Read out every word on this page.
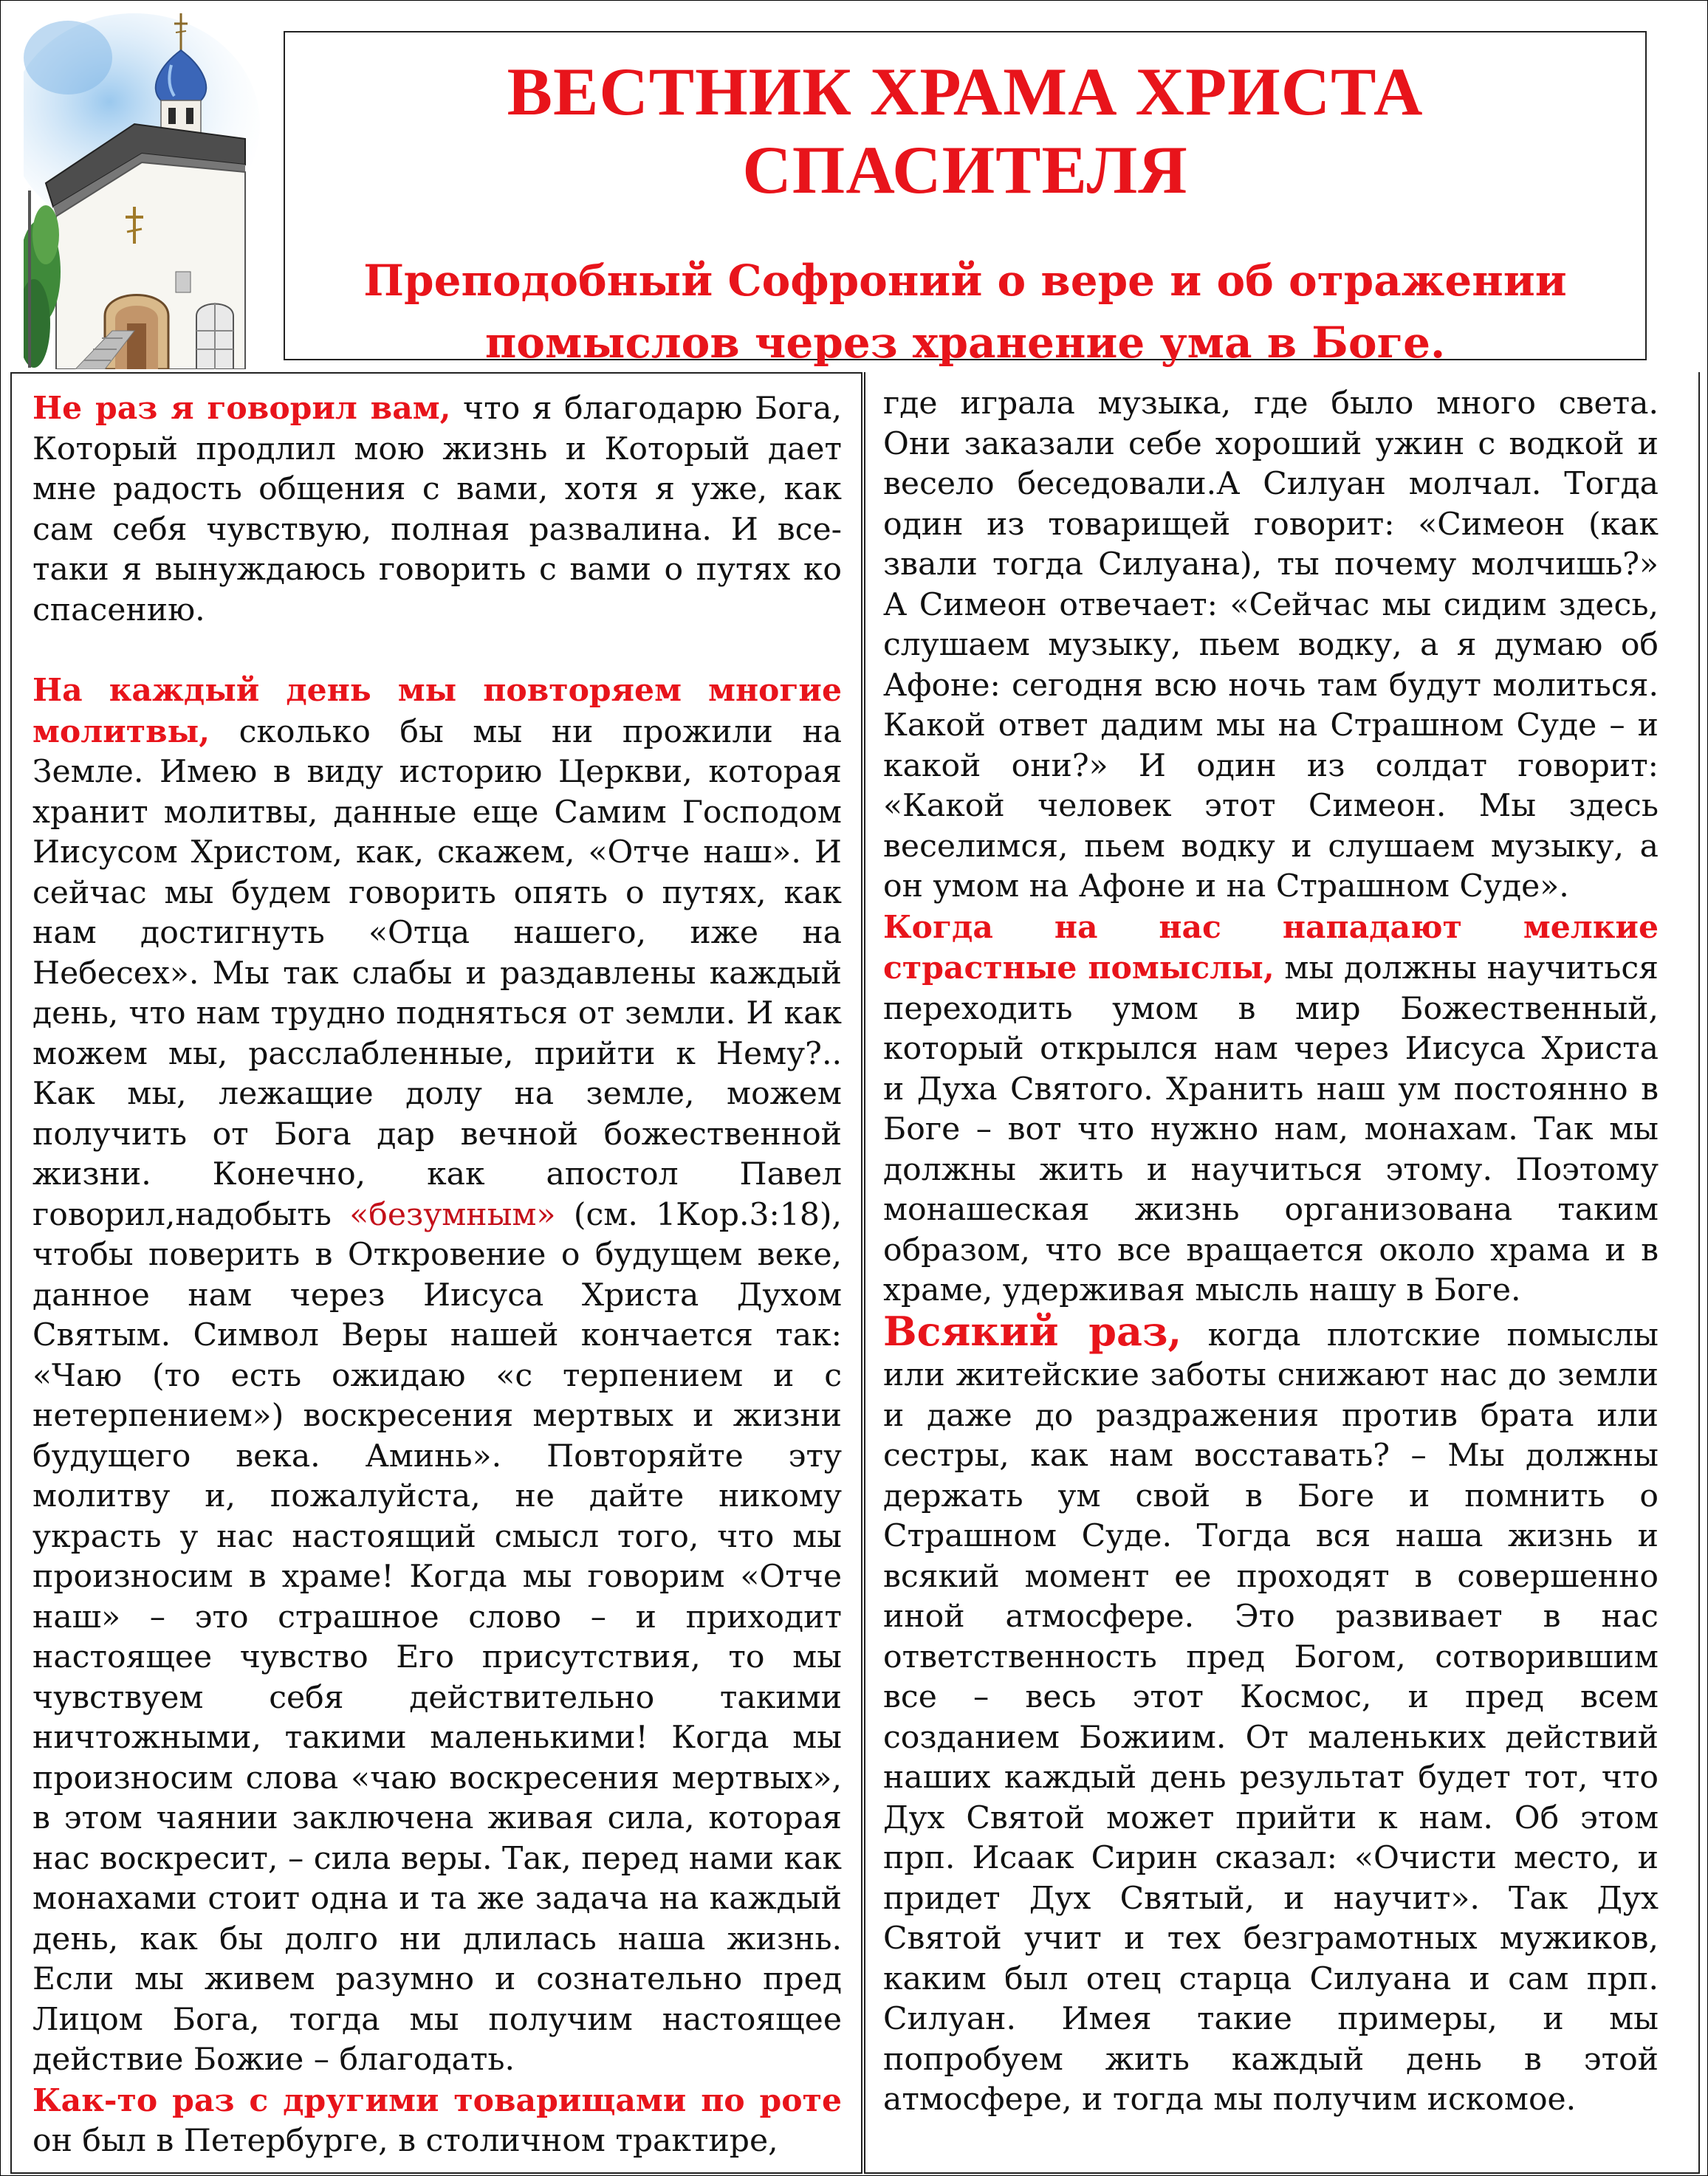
ВЕСТНИК ХРАМА ХРИСТА СПАСИТЕЛЯ
Преподобный Софроний о вере и об отражении помыслов через хранение ума в Боге.

Не раз я говорил вам, что я благодарю Бога, Который продлил мою жизнь и Который дает мне радость общения с вами, хотя я уже, как сам себя чувствую, полная развалина. И все-таки я вынуждаюсь говорить с вами о путях ко спасению.

На каждый день мы повторяем многие молитвы, сколько бы мы ни прожили на Земле. Имею в виду историю Церкви, которая хранит молитвы, данные еще Самим Господом Иисусом Христом, как, скажем, «Отче наш». И сейчас мы будем говорить опять о путях, как нам достигнуть «Отца нашего, иже на Небесех». Мы так слабы и раздавлены каждый день, что нам трудно подняться от земли. И как можем мы, расслабленные, прийти к Нему?.. Как мы, лежащие долу на земле, можем получить от Бога дар вечной божественной жизни. Конечно, как апостол Павел говорил,надобыть «безумным» (см. 1Кор.3:18), чтобы поверить в Откровение о будущем веке, данное нам через Иисуса Христа Духом Святым. Символ Веры нашей кончается так: «Чаю (то есть ожидаю «с терпением и с нетерпением») воскресения мертвых и жизни будущего века. Аминь». Повторяйте эту молитву и, пожалуйста, не дайте никому украсть у нас настоящий смысл того, что мы произносим в храме! Когда мы говорим «Отче наш» – это страшное слово – и приходит настоящее чувство Его присутствия, то мы чувствуем себя действительно такими ничтожными, такими маленькими! Когда мы произносим слова «чаю воскресения мертвых», в этом чаянии заключена живая сила, которая нас воскресит, – сила веры. Так, перед нами как монахами стоит одна и та же задача на каждый день, как бы долго ни длилась наша жизнь. Если мы живем разумно и сознательно пред Лицом Бога, тогда мы получим настоящее действие Божие – благодать.

Как-то раз с другими товарищами по роте он был в Петербурге, в столичном трактире,

где играла музыка, где было много света. Они заказали себе хороший ужин с водкой и весело беседовали.А Силуан молчал. Тогда один из товарищей говорит: «Симеон (как звали тогда Силуана), ты почему молчишь?» А Симеон отвечает: «Сейчас мы сидим здесь, слушаем музыку, пьем водку, а я думаю об Афоне: сегодня всю ночь там будут молиться. Какой ответ дадим мы на Страшном Суде – и какой они?» И один из солдат говорит: «Какой человек этот Симеон. Мы здесь веселимся, пьем водку и слушаем музыку, а он умом на Афоне и на Страшном Суде».

Когда на нас нападают мелкие страстные помыслы, мы должны научиться переходить умом в мир Божественный, который открылся нам через Иисуса Христа и Духа Святого. Хранить наш ум постоянно в Боге – вот что нужно нам, монахам. Так мы должны жить и научиться этому. Поэтому монашеская жизнь организована таким образом, что все вращается около храма и в храме, удерживая мысль нашу в Боге.

Всякий раз, когда плотские помыслы или житейские заботы снижают нас до земли и даже до раздражения против брата или сестры, как нам восставать? – Мы должны держать ум свой в Боге и помнить о Страшном Суде. Тогда вся наша жизнь и всякий момент ее проходят в совершенно иной атмосфере. Это развивает в нас ответственность пред Богом, сотворившим все – весь этот Космос, и пред всем созданием Божиим. От маленьких действий наших каждый день результат будет тот, что Дух Святой может прийти к нам. Об этом прп. Исаак Сирин сказал: «Очисти место, и придет Дух Святый, и научит». Так Дух Святой учит и тех безграмотных мужиков, каким был отец старца Силуана и сам прп. Силуан. Имея такие примеры, и мы попробуем жить каждый день в этой атмосфере, и тогда мы получим искомое.
